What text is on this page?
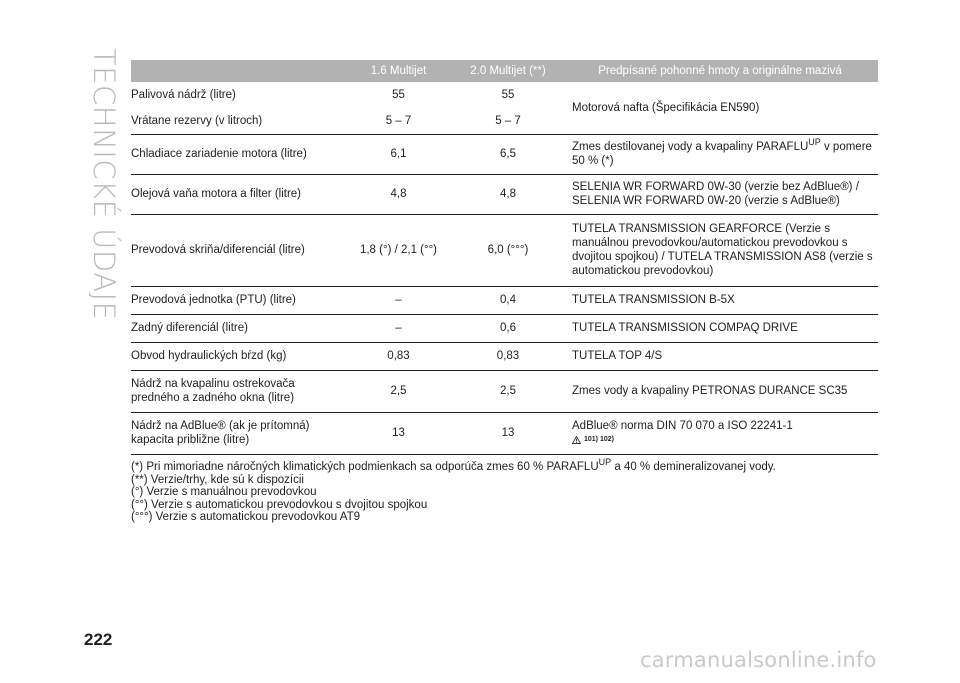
TECHNICKÉ ÚDAJE
		1.6 Multijet	2.0 Multijet (**)	Predpísané pohonné hmoty a originálne mazivá
Palivová nádrž (litre)	55	55	Motorová nafta (Špecifikácia EN590)
Vrátane rezervy (v litroch)	5 – 7	5 – 7	
Chladiace zariadenie motora (litre)	6,1	6,5	Zmes destilovanej vody a kvapaliny $PARAFLU^{UP}$ v pomere 50 % (*)
Olejová vaňa motora a filter (litre)	4,8	4,8	SELENIA WR FORWARD 0W-30 (verzie bez AdBlue®) / SELENIA WR FORWARD 0W-20 (verzie s AdBlue®)
Prevodová skriňa/diferenciál (litre)	1,8 (°) / 2,1 (°°)	6,0 (°°°)	TUTELA TRANSMISSION GEARFORCE (Verzie s manuálnou prevodovkou/automatickou prevodovkou s dvojitou spojkou) / TUTELA TRANSMISSION AS8 (verzie s automatickou prevodovkou)
Prevodová jednotka (PTU) (litre)	–	0,4	TUTELA TRANSMISSION B-5X
Zadný diferenciál (litre)	–	0,6	TUTELA TRANSMISSION COMPAQ DRIVE
Obvod hydraulických bŕzd (kg)	0,83	0,83	TUTELA TOP 4/S
Nádrž na kvapalinu ostrekovača predného a zadného okna (litre)	2,5	2,5	Zmes vody a kvapaliny PETRONAS DURANCE SC35
Nádrž na AdBlue® (ak je prítomná) kapacita približne (litre)	13	13	AdBlue® norma DIN 70 070 a ISO 22241-1
101) 102)
(*) Pri mimoriadne náročných klimatických podmienkach sa odporúča zmes 60 % $PARAFLU^{UP}$ a 40 % demineralizovanej vody.
(**) Verzie/trhy, kde sú k dispozícii
(°) Verzie s manuálnou prevodovkou
(°°) Verzie s automatickou prevodovkou s dvojitou spojkou
(°°°) Verzie s automatickou prevodovkou AT9
222
carmanualsonline.info
